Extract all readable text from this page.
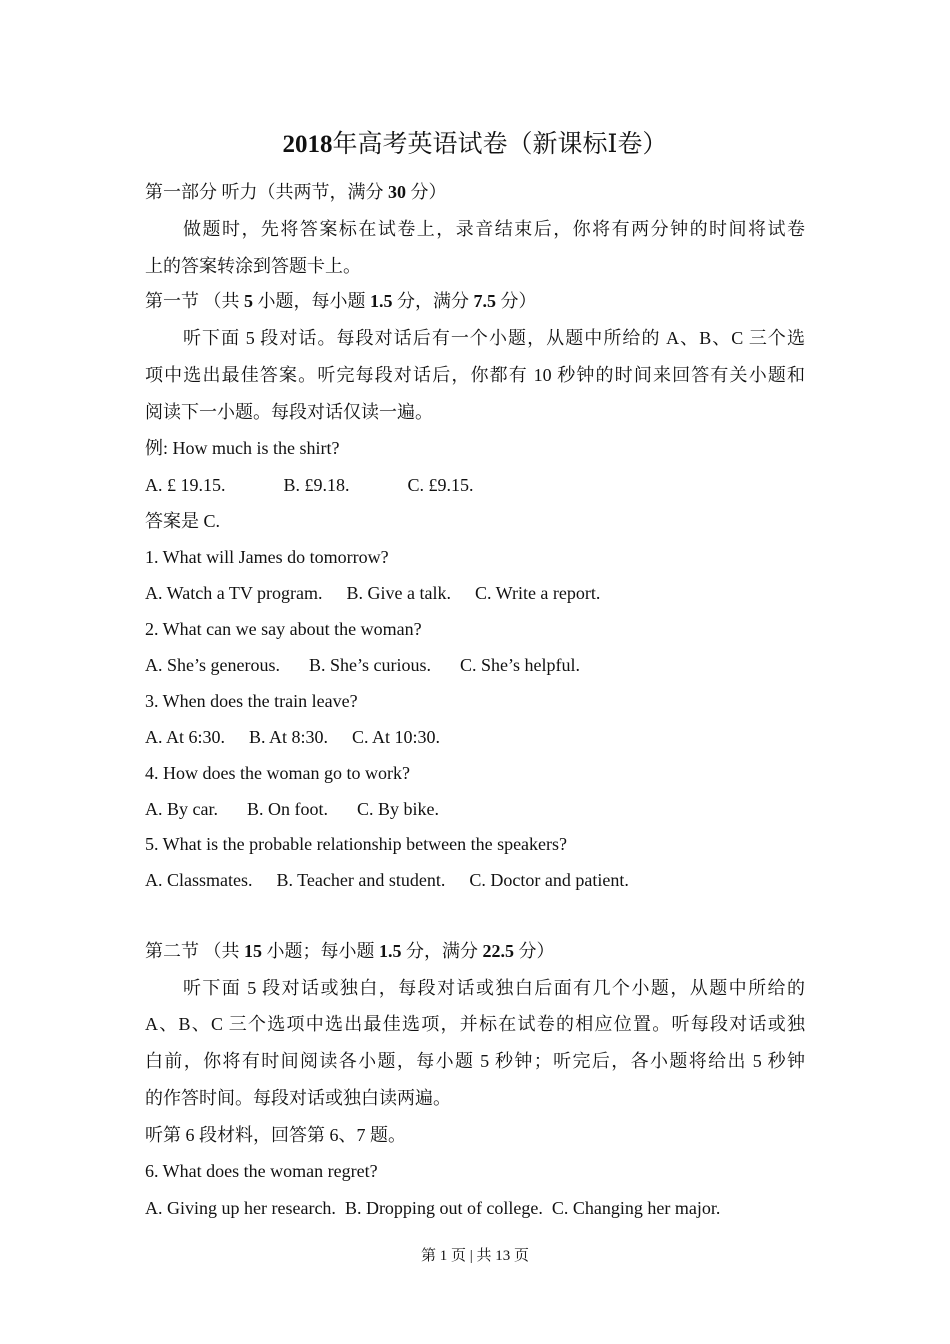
2018年高考英语试卷（新课标Ⅰ卷）
第一部分 听力（共两节，满分 30 分）
做题时，先将答案标在试卷上，录音结束后，你将有两分钟的时间将试卷
上的答案转涂到答题卡上。
第一节 （共 5 小题，每小题 1.5 分，满分 7.5 分）
听下面 5 段对话。每段对话后有一个小题，从题中所给的 A、B、C 三个选
项中选出最佳答案。听完每段对话后，你都有 10 秒钟的时间来回答有关小题和
阅读下一小题。每段对话仅读一遍。
例: How much is the shirt?
A. £ 19.15.	B. £9.18.	C. £9.15.
答案是 C.
1. What will James do tomorrow?
A. Watch a TV program. B. Give a talk. C. Write a report.
2. What can we say about the woman?
A. She’s generous. B. She’s curious. C. She’s helpful.
3. When does the train leave?
A. At 6:30. B. At 8:30. C. At 10:30.
4. How does the woman go to work?
A. By car. B. On foot. C. By bike.
5. What is the probable relationship between the speakers?
A. Classmates. B. Teacher and student. C. Doctor and patient.
第二节 （共 15 小题；每小题 1.5 分，满分 22.5 分）
听下面 5 段对话或独白，每段对话或独白后面有几个小题，从题中所给的
A、B、C 三个选项中选出最佳选项，并标在试卷的相应位置。听每段对话或独
白前，你将有时间阅读各小题，每小题 5 秒钟；听完后，各小题将给出 5 秒钟
的作答时间。每段对话或独白读两遍。
听第 6 段材料，回答第 6、7 题。
6. What does the woman regret?
A. Giving up her research. B. Dropping out of college. C. Changing her major.
第 1 页 | 共 13 页
